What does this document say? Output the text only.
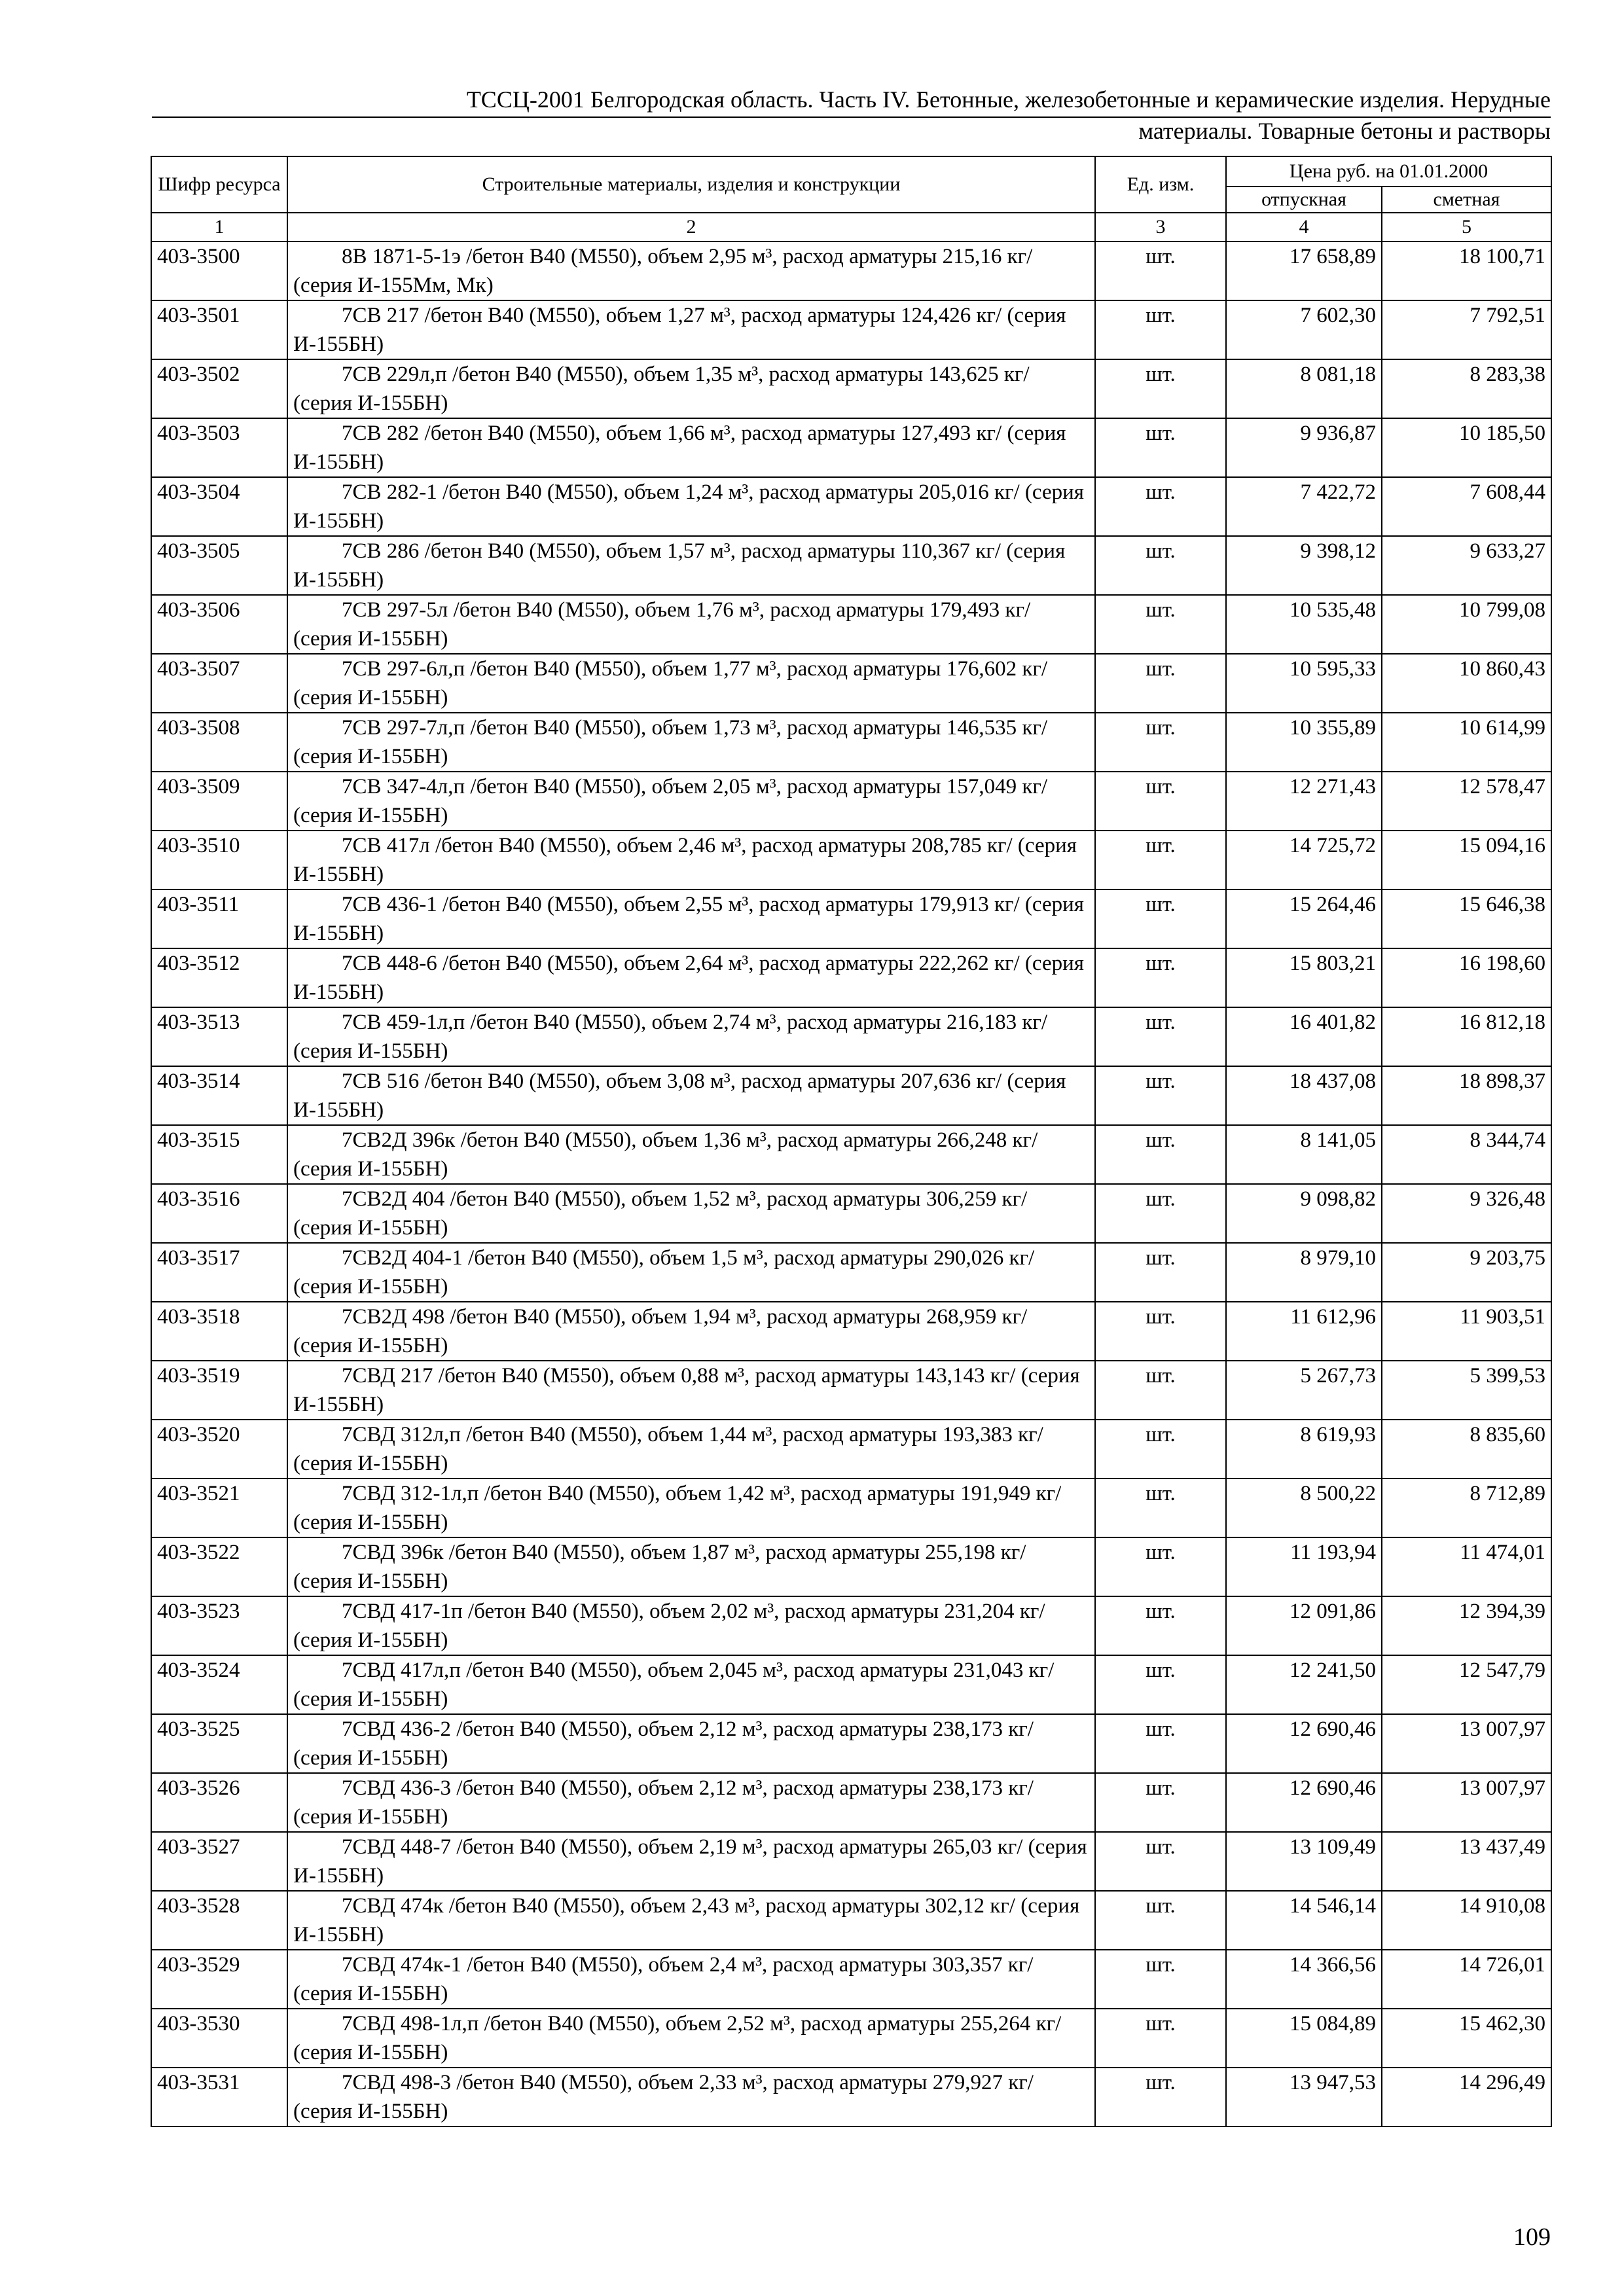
ТССЦ-2001 Белгородская область. Часть IV. Бетонные, железобетонные и керамические изделия. Нерудные
материалы. Товарные бетоны и растворы
Шифр ресурса	Строительные материалы, изделия и конструкции	Ед. изм.	Цена руб. на 01.01.2000	
			отпускная	сметная
1	2	3	4	5
403-3500	8В 1871-5-1э /бетон В40 (М550), объем 2,95 м³, расход арматуры 215,16 кг/ (серия И-155Мм, Мк)	шт.	17 658,89	18 100,71
403-3501	7СВ 217 /бетон В40 (М550), объем 1,27 м³, расход арматуры 124,426 кг/ (серия И-155БН)	шт.	7 602,30	7 792,51
403-3502	7СВ 229л,п /бетон В40 (М550), объем 1,35 м³, расход арматуры 143,625 кг/ (серия И-155БН)	шт.	8 081,18	8 283,38
403-3503	7СВ 282 /бетон В40 (М550), объем 1,66 м³, расход арматуры 127,493 кг/ (серия И-155БН)	шт.	9 936,87	10 185,50
403-3504	7СВ 282-1 /бетон В40 (М550), объем 1,24 м³, расход арматуры 205,016 кг/ (серия И-155БН)	шт.	7 422,72	7 608,44
403-3505	7СВ 286 /бетон В40 (М550), объем 1,57 м³, расход арматуры 110,367 кг/ (серия И-155БН)	шт.	9 398,12	9 633,27
403-3506	7СВ 297-5л /бетон В40 (М550), объем 1,76 м³, расход арматуры 179,493 кг/ (серия И-155БН)	шт.	10 535,48	10 799,08
403-3507	7СВ 297-6л,п /бетон В40 (М550), объем 1,77 м³, расход арматуры 176,602 кг/ (серия И-155БН)	шт.	10 595,33	10 860,43
403-3508	7СВ 297-7л,п /бетон В40 (М550), объем 1,73 м³, расход арматуры 146,535 кг/ (серия И-155БН)	шт.	10 355,89	10 614,99
403-3509	7СВ 347-4л,п /бетон В40 (М550), объем 2,05 м³, расход арматуры 157,049 кг/ (серия И-155БН)	шт.	12 271,43	12 578,47
403-3510	7СВ 417л /бетон В40 (М550), объем 2,46 м³, расход арматуры 208,785 кг/ (серия И-155БН)	шт.	14 725,72	15 094,16
403-3511	7СВ 436-1 /бетон В40 (М550), объем 2,55 м³, расход арматуры 179,913 кг/ (серия И-155БН)	шт.	15 264,46	15 646,38
403-3512	7СВ 448-6 /бетон В40 (М550), объем 2,64 м³, расход арматуры 222,262 кг/ (серия И-155БН)	шт.	15 803,21	16 198,60
403-3513	7СВ 459-1л,п /бетон В40 (М550), объем 2,74 м³, расход арматуры 216,183 кг/ (серия И-155БН)	шт.	16 401,82	16 812,18
403-3514	7СВ 516 /бетон В40 (М550), объем 3,08 м³, расход арматуры 207,636 кг/ (серия И-155БН)	шт.	18 437,08	18 898,37
403-3515	7СВ2Д 396к /бетон В40 (М550), объем 1,36 м³, расход арматуры 266,248 кг/ (серия И-155БН)	шт.	8 141,05	8 344,74
403-3516	7СВ2Д 404 /бетон В40 (М550), объем 1,52 м³, расход арматуры 306,259 кг/ (серия И-155БН)	шт.	9 098,82	9 326,48
403-3517	7СВ2Д 404-1 /бетон В40 (М550), объем 1,5 м³, расход арматуры 290,026 кг/ (серия И-155БН)	шт.	8 979,10	9 203,75
403-3518	7СВ2Д 498 /бетон В40 (М550), объем 1,94 м³, расход арматуры 268,959 кг/ (серия И-155БН)	шт.	11 612,96	11 903,51
403-3519	7СВД 217 /бетон В40 (М550), объем 0,88 м³, расход арматуры 143,143 кг/ (серия И-155БН)	шт.	5 267,73	5 399,53
403-3520	7СВД 312л,п /бетон В40 (М550), объем 1,44 м³, расход арматуры 193,383 кг/ (серия И-155БН)	шт.	8 619,93	8 835,60
403-3521	7СВД 312-1л,п /бетон В40 (М550), объем 1,42 м³, расход арматуры 191,949 кг/ (серия И-155БН)	шт.	8 500,22	8 712,89
403-3522	7СВД 396к /бетон В40 (М550), объем 1,87 м³, расход арматуры 255,198 кг/ (серия И-155БН)	шт.	11 193,94	11 474,01
403-3523	7СВД 417-1п /бетон В40 (М550), объем 2,02 м³, расход арматуры 231,204 кг/ (серия И-155БН)	шт.	12 091,86	12 394,39
403-3524	7СВД 417л,п /бетон В40 (М550), объем 2,045 м³, расход арматуры 231,043 кг/ (серия И-155БН)	шт.	12 241,50	12 547,79
403-3525	7СВД 436-2 /бетон В40 (М550), объем 2,12 м³, расход арматуры 238,173 кг/ (серия И-155БН)	шт.	12 690,46	13 007,97
403-3526	7СВД 436-3 /бетон В40 (М550), объем 2,12 м³, расход арматуры 238,173 кг/ (серия И-155БН)	шт.	12 690,46	13 007,97
403-3527	7СВД 448-7 /бетон В40 (М550), объем 2,19 м³, расход арматуры 265,03 кг/ (серия И-155БН)	шт.	13 109,49	13 437,49
403-3528	7СВД 474к /бетон В40 (М550), объем 2,43 м³, расход арматуры 302,12 кг/ (серия И-155БН)	шт.	14 546,14	14 910,08
403-3529	7СВД 474к-1 /бетон В40 (М550), объем 2,4 м³, расход арматуры 303,357 кг/ (серия И-155БН)	шт.	14 366,56	14 726,01
403-3530	7СВД 498-1л,п /бетон В40 (М550), объем 2,52 м³, расход арматуры 255,264 кг/ (серия И-155БН)	шт.	15 084,89	15 462,30
403-3531	7СВД 498-3 /бетон В40 (М550), объем 2,33 м³, расход арматуры 279,927 кг/ (серия И-155БН)	шт.	13 947,53	14 296,49
109
